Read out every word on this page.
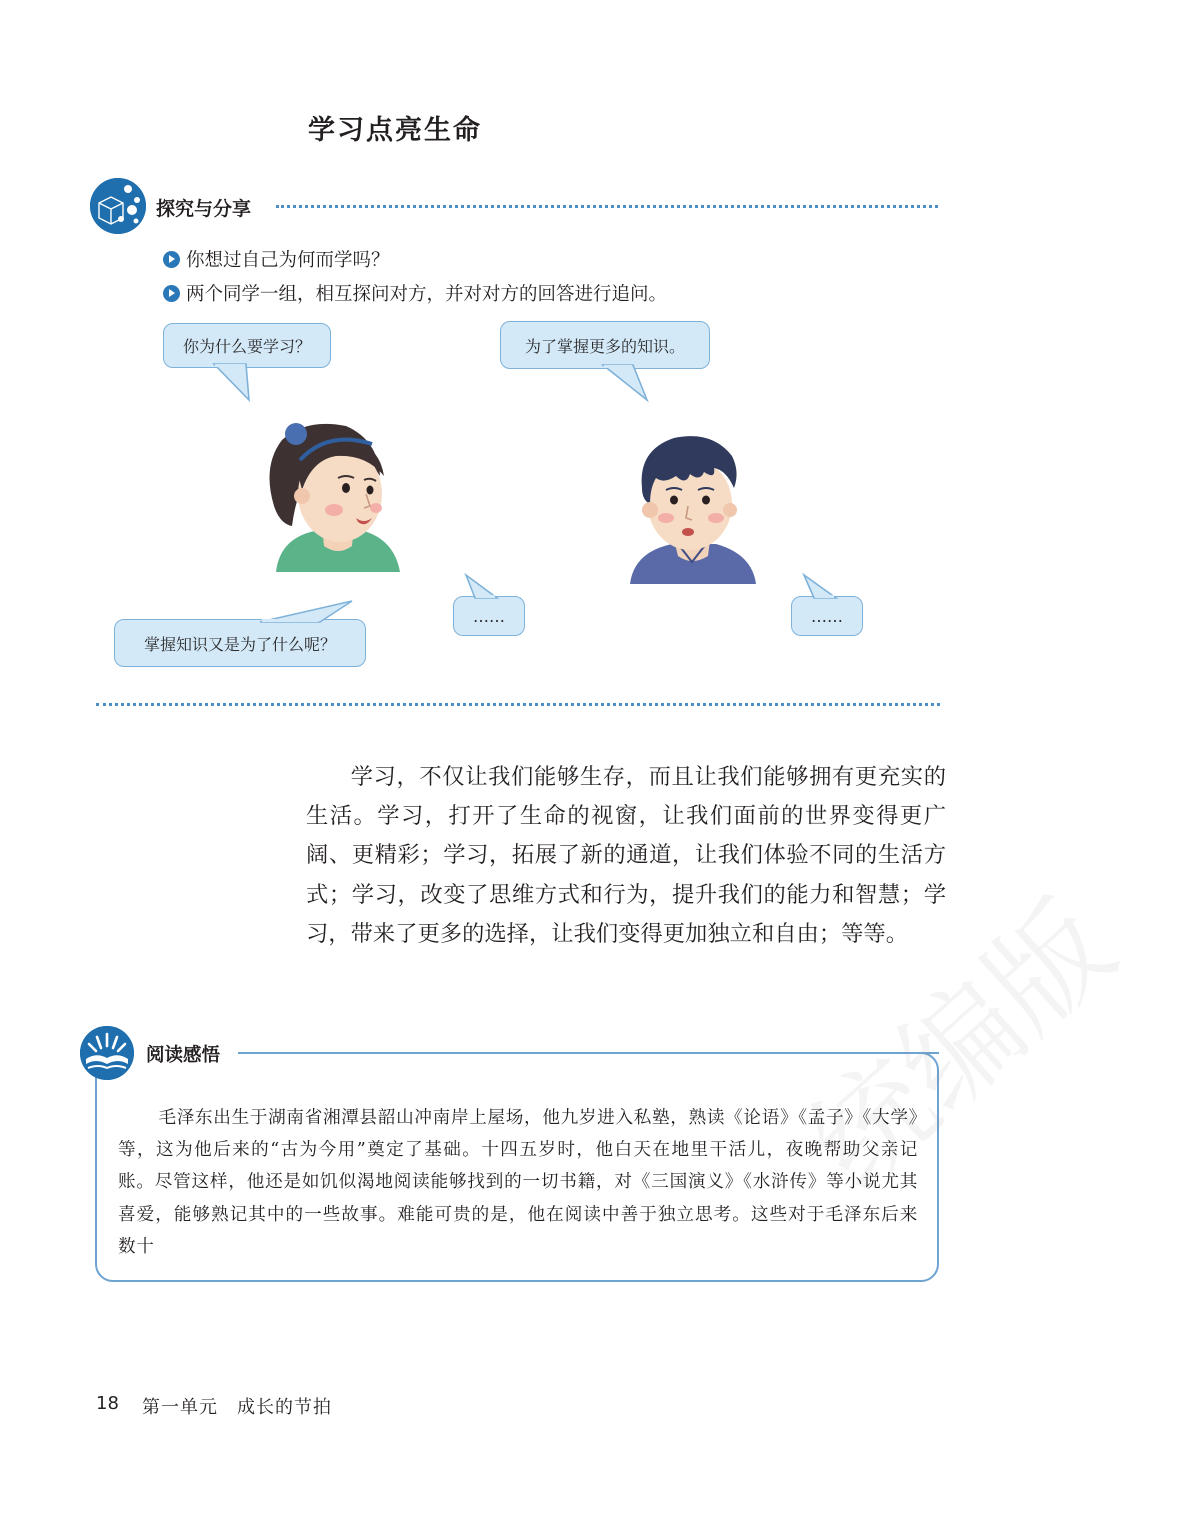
学习点亮生命
探究与分享
你想过自己为何而学吗？
两个同学一组，相互探问对方，并对对方的回答进行追问。
你为什么要学习？	为了掌握更多的知识。
掌握知识又是为了什么呢？
……	……
学习，不仅让我们能够生存，而且让我们能够拥有更充实的生活。学习，打开了生命的视窗，让我们面前的世界变得更广阔、更精彩；学习，拓展了新的通道，让我们体验不同的生活方式；学习，改变了思维方式和行为，提升我们的能力和智慧；学习，带来了更多的选择，让我们变得更加独立和自由；等等。
阅读感悟
毛泽东出生于湖南省湘潭县韶山冲南岸上屋场，他九岁进入私塾，熟读《论语》《孟子》《大学》等，这为他后来的“古为今用”奠定了基础。十四五岁时，他白天在地里干活儿，夜晚帮助父亲记账。尽管这样，他还是如饥似渴地阅读能够找到的一切书籍，对《三国演义》《水浒传》等小说尤其喜爱，能够熟记其中的一些故事。难能可贵的是，他在阅读中善于独立思考。这些对于毛泽东后来数十
统编版
18 第一单元　成长的节拍
